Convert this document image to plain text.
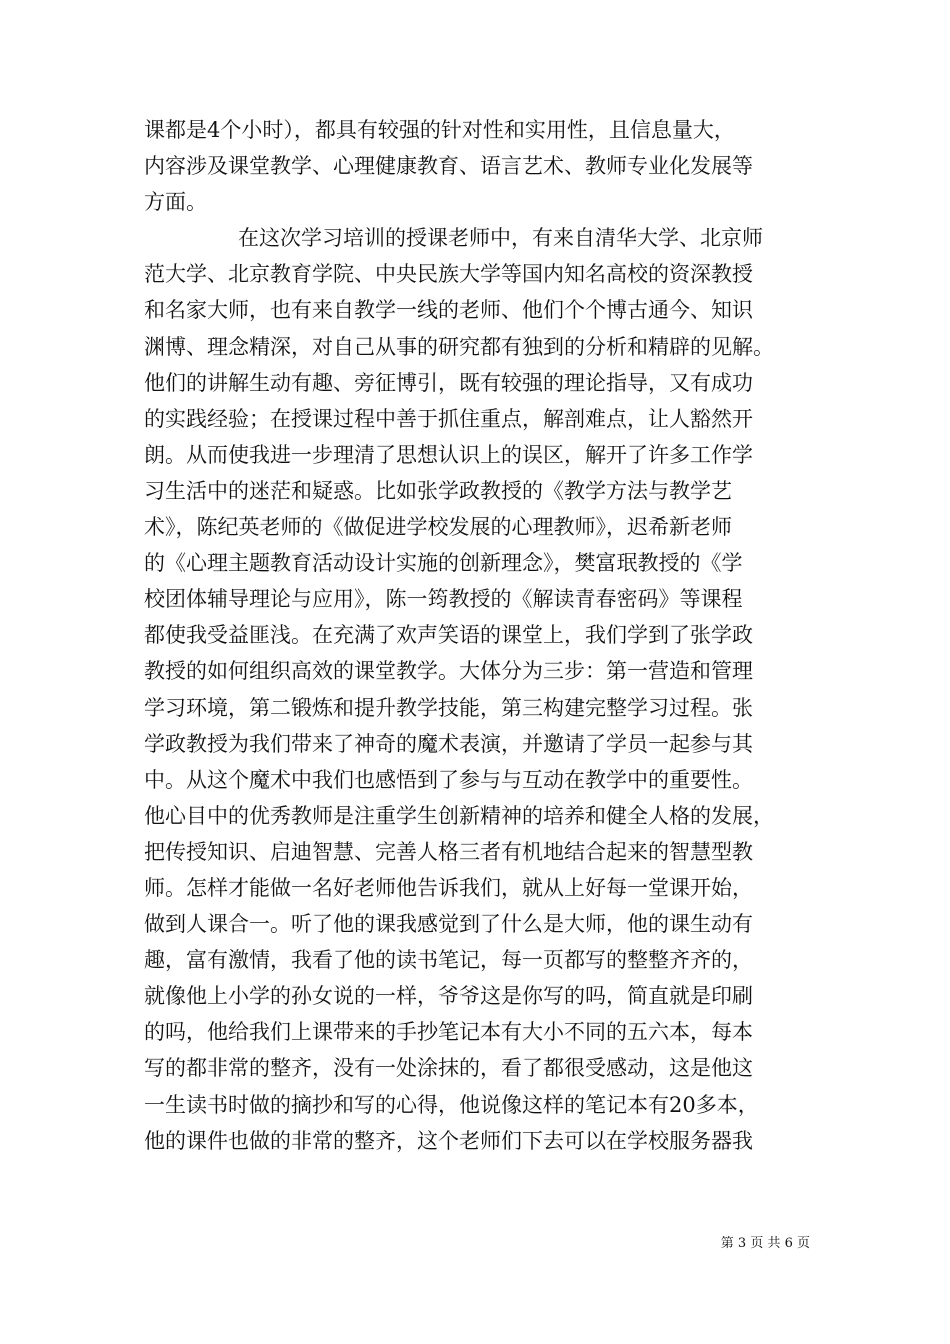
课都是4个小时），都具有较强的针对性和实用性，且信息量大，
内容涉及课堂教学、心理健康教育、语言艺术、教师专业化发展等
方面。
在这次学习培训的授课老师中，有来自清华大学、北京师
范大学、北京教育学院、中央民族大学等国内知名高校的资深教授
和名家大师，也有来自教学一线的老师、他们个个博古通今、知识
渊博、理念精深，对自己从事的研究都有独到的分析和精辟的见解。
他们的讲解生动有趣、旁征博引，既有较强的理论指导，又有成功
的实践经验；在授课过程中善于抓住重点，解剖难点，让人豁然开
朗。从而使我进一步理清了思想认识上的误区，解开了许多工作学
习生活中的迷茫和疑惑。比如张学政教授的《教学方法与教学艺
术》，陈纪英老师的《做促进学校发展的心理教师》，迟希新老师
的《心理主题教育活动设计实施的创新理念》，樊富珉教授的《学
校团体辅导理论与应用》，陈一筠教授的《解读青春密码》等课程
都使我受益匪浅。在充满了欢声笑语的课堂上，我们学到了张学政
教授的如何组织高效的课堂教学。大体分为三步：第一营造和管理
学习环境，第二锻炼和提升教学技能，第三构建完整学习过程。张
学政教授为我们带来了神奇的魔术表演，并邀请了学员一起参与其
中。从这个魔术中我们也感悟到了参与与互动在教学中的重要性。
他心目中的优秀教师是注重学生创新精神的培养和健全人格的发展，
把传授知识、启迪智慧、完善人格三者有机地结合起来的智慧型教
师。怎样才能做一名好老师他告诉我们，就从上好每一堂课开始，
做到人课合一。听了他的课我感觉到了什么是大师，他的课生动有
趣，富有激情，我看了他的读书笔记，每一页都写的整整齐齐的，
就像他上小学的孙女说的一样，爷爷这是你写的吗，简直就是印刷
的吗，他给我们上课带来的手抄笔记本有大小不同的五六本，每本
写的都非常的整齐，没有一处涂抹的，看了都很受感动，这是他这
一生读书时做的摘抄和写的心得，他说像这样的笔记本有20多本，
他的课件也做的非常的整齐，这个老师们下去可以在学校服务器我
第 3 页 共 6 页
